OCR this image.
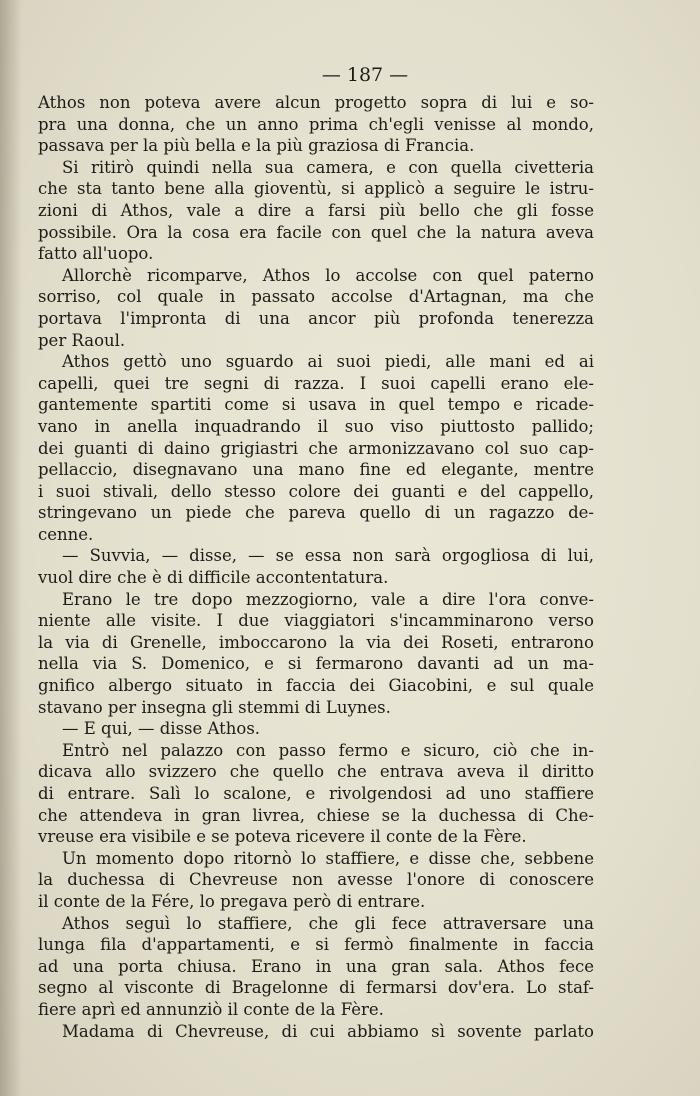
— 187 —
Athos non poteva avere alcun progetto sopra di lui e so-
pra una donna, che un anno prima ch'egli venisse al mondo,
passava per la più bella e la più graziosa di Francia.
Si ritirò quindi nella sua camera, e con quella civetteria
che sta tanto bene alla gioventù, si applicò a seguire le istru-
zioni di Athos, vale a dire a farsi più bello che gli fosse
possibile. Ora la cosa era facile con quel che la natura aveva
fatto all'uopo.
Allorchè ricomparve, Athos lo accolse con quel paterno
sorriso, col quale in passato accolse d'Artagnan, ma che
portava l'impronta di una ancor più profonda tenerezza
per Raoul.
Athos gettò uno sguardo ai suoi piedi, alle mani ed ai
capelli, quei tre segni di razza. I suoi capelli erano ele-
gantemente spartiti come si usava in quel tempo e ricade-
vano in anella inquadrando il suo viso piuttosto pallido;
dei guanti di daino grigiastri che armonizzavano col suo cap-
pellaccio, disegnavano una mano fine ed elegante, mentre
i suoi stivali, dello stesso colore dei guanti e del cappello,
stringevano un piede che pareva quello di un ragazzo de-
cenne.
— Suvvia, — disse, — se essa non sarà orgogliosa di lui,
vuol dire che è di difficile accontentatura.
Erano le tre dopo mezzogiorno, vale a dire l'ora conve-
niente alle visite. I due viaggiatori s'incamminarono verso
la via di Grenelle, imboccarono la via dei Roseti, entrarono
nella via S. Domenico, e si fermarono davanti ad un ma-
gnifico albergo situato in faccia dei Giacobini, e sul quale
stavano per insegna gli stemmi di Luynes.
— E qui, — disse Athos.
Entrò nel palazzo con passo fermo e sicuro, ciò che in-
dicava allo svizzero che quello che entrava aveva il diritto
di entrare. Salì lo scalone, e rivolgendosi ad uno staffiere
che attendeva in gran livrea, chiese se la duchessa di Che-
vreuse era visibile e se poteva ricevere il conte de la Fère.
Un momento dopo ritornò lo staffiere, e disse che, sebbene
la duchessa di Chevreuse non avesse l'onore di conoscere
il conte de la Fére, lo pregava però di entrare.
Athos seguì lo staffiere, che gli fece attraversare una
lunga fila d'appartamenti, e si fermò finalmente in faccia
ad una porta chiusa. Erano in una gran sala. Athos fece
segno al visconte di Bragelonne di fermarsi dov'era. Lo staf-
fiere aprì ed annunziò il conte de la Fère.
Madama di Chevreuse, di cui abbiamo sì sovente parlato
